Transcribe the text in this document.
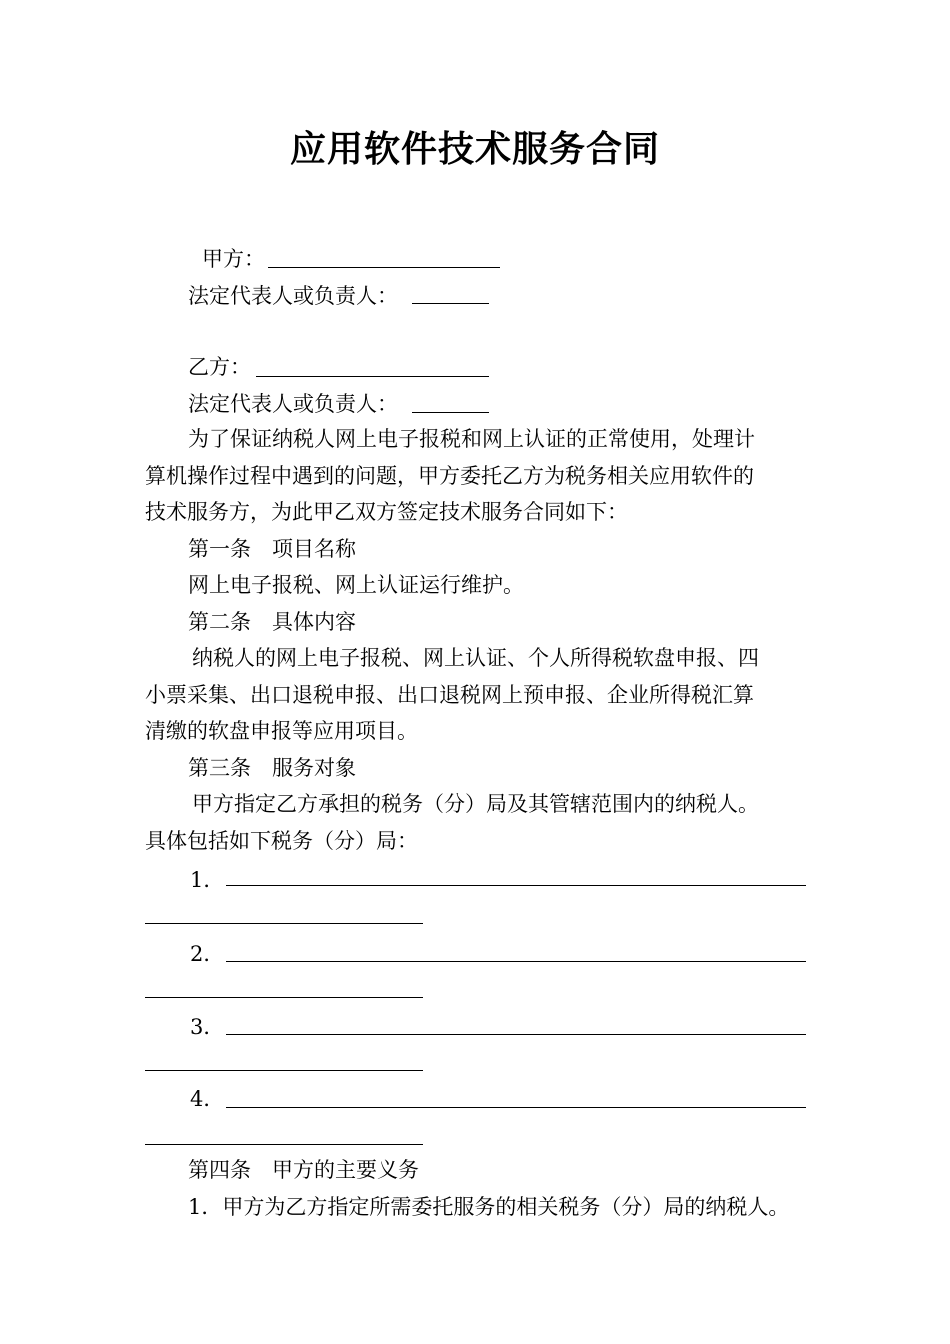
应用软件技术服务合同
甲方：
法定代表人或负责人：
乙方：
法定代表人或负责人：
为了保证纳税人网上电子报税和网上认证的正常使用，处理计
算机操作过程中遇到的问题，甲方委托乙方为税务相关应用软件的
技术服务方，为此甲乙双方签定技术服务合同如下：
第一条　项目名称
网上电子报税、网上认证运行维护。
第二条　具体内容
纳税人的网上电子报税、网上认证、个人所得税软盘申报、四
小票采集、出口退税申报、出口退税网上预申报、企业所得税汇算
清缴的软盘申报等应用项目。
第三条　服务对象
甲方指定乙方承担的税务（分）局及其管辖范围内的纳税人。
具体包括如下税务（分）局：
1．
2．
3．
4．
第四条　甲方的主要义务
1．甲方为乙方指定所需委托服务的相关税务（分）局的纳税人。
